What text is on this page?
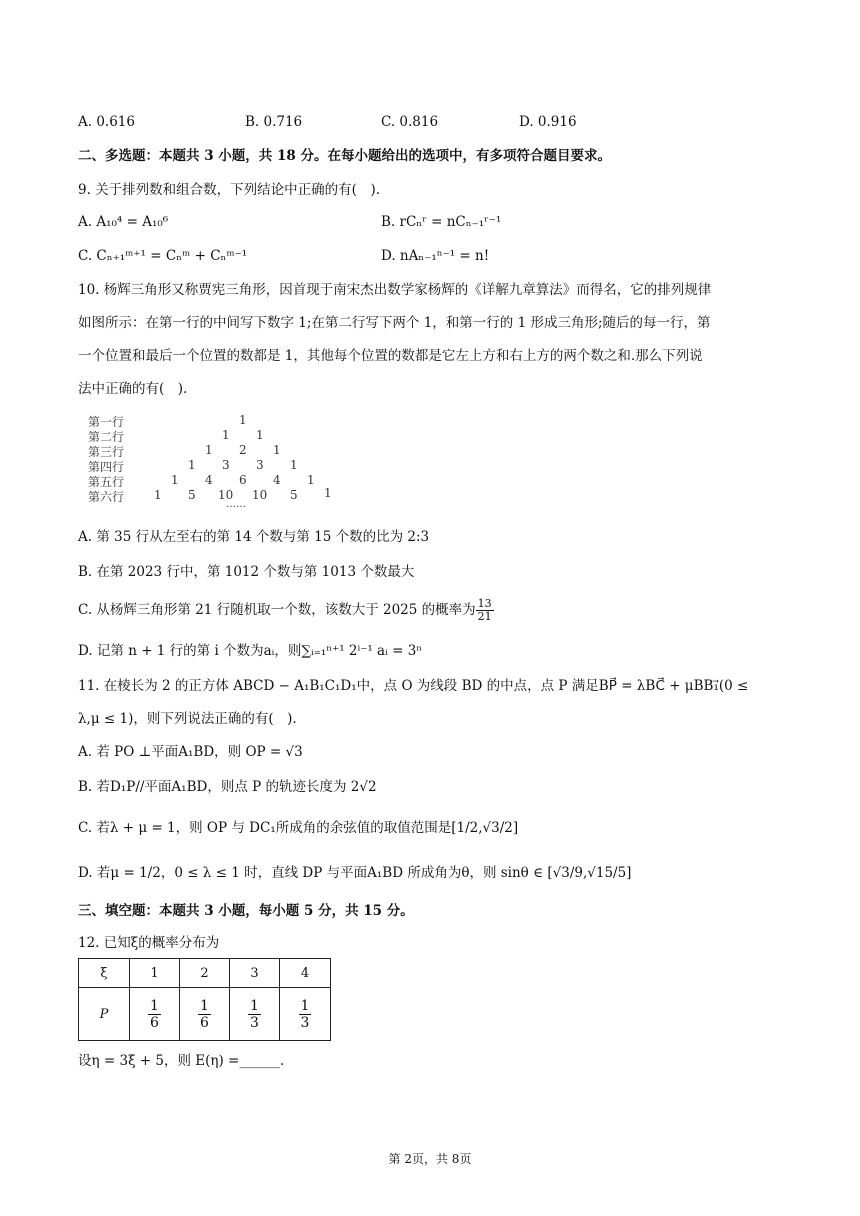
A. 0.616	B. 0.716	C. 0.816	D. 0.916
二、多选题：本题共 3 小题，共 18 分。在每小题给出的选项中，有多项符合题目要求。
9. 关于排列数和组合数，下列结论中正确的有(　).
A. A₁₀⁴ = A₁₀⁶	B. rCₙʳ = nCₙ₋₁ʳ⁻¹
C. Cₙ₊₁ᵐ⁺¹ = Cₙᵐ + Cₙᵐ⁻¹	D. nAₙ₋₁ⁿ⁻¹ = n!
10. 杨辉三角形又称贾宪三角形，因首现于南宋杰出数学家杨辉的《详解九章算法》而得名，它的排列规律
如图所示：在第一行的中间写下数字 1;在第二行写下两个 1，和第一行的 1 形成三角形;随后的每一行，第
一个位置和最后一个位置的数都是 1，其他每个位置的数都是它左上方和右上方的两个数之和.那么下列说
法中正确的有(　).
第一行
第二行
第三行
第四行
第五行
第六行
1
1 1
1 2 1
1 3 3 1
1 4 6 4 1
1 5 10 10 5 1
……
A. 第 35 行从左至右的第 14 个数与第 15 个数的比为 2:3
B. 在第 2023 行中，第 1012 个数与第 1013 个数最大
C. 从杨辉三角形第 21 行随机取一个数，该数大于 2025 的概率为 $\frac{13}{21}$
D. 记第 n + 1 行的第 i 个数为aᵢ，则∑ᵢ₌₁ⁿ⁺¹ 2ⁱ⁻¹ aᵢ = 3ⁿ
11. 在棱长为 2 的正方体 ABCD − A₁B₁C₁D₁中，点 O 为线段 BD 的中点，点 P 满足BP⃗ = λBC⃗ + μBB₁⃗(0 ≤
λ,μ ≤ 1)，则下列说法正确的有(　).
A. 若 PO ⊥平面A₁BD，则 OP = √3
B. 若D₁P//平面A₁BD，则点 P 的轨迹长度为 2√2
C. 若λ + μ = 1，则 OP 与 DC₁所成角的余弦值的取值范围是[1/2,√3/2]
D. 若μ = 1/2，0 ≤ λ ≤ 1 时，直线 DP 与平面A₁BD 所成角为θ，则 sinθ ∈ [√3/9,√15/5]
三、填空题：本题共 3 小题，每小题 5 分，共 15 分。
12. 已知ξ的概率分布为
ξ	1	2	3	4
P	$\frac{1}{6}$	$\frac{1}{6}$	$\frac{1}{3}$	$\frac{1}{3}$
设η = 3ξ + 5，则 E(η) =______.
第 2页，共 8页
